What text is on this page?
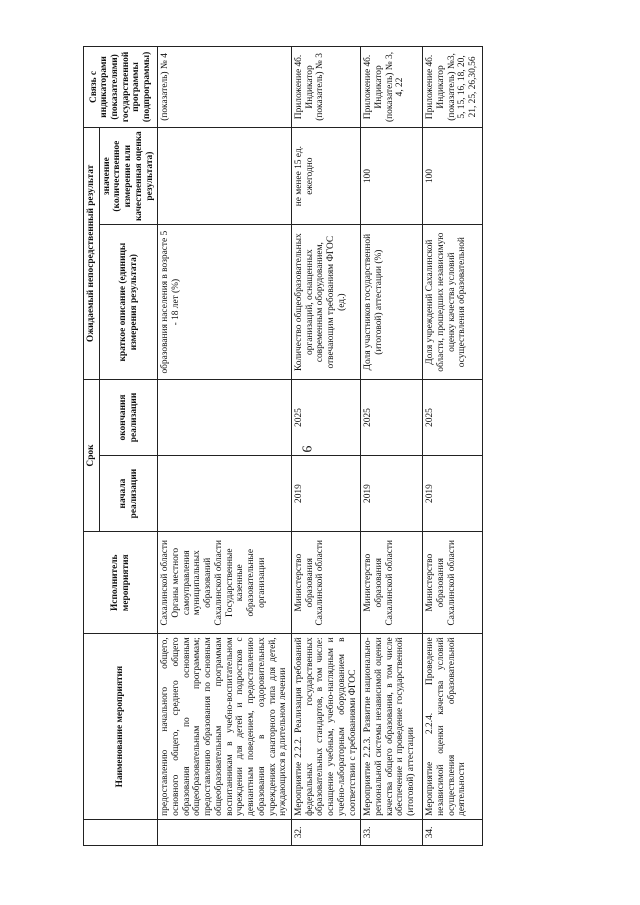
9
	Наименование мероприятия	Исполнитель мероприятия	Срок		Ожидаемый непосредственный результат		Связь с индикаторами (показателями) государственной программы (подпрограммы)
			начала реализации	окончания реализации	краткое описание (единицы измерения результата)	значение (количественное измерение или качественная оценка результата)	

	предоставлению начального общего, основного общего, среднего общего образования по основным общеобразовательным программам; предоставлению образования по основным общеобразовательным программам воспитанникам в учебно-воспитательном учреждении для детей и подростков с девиантным поведением, предоставлению образования в оздоровительных учреждениях санаторного типа для детей, нуждающихся в длительном лечении	Сахалинской области Органы местного самоуправления муниципальных образований Сахалинской области Государственные казенные образовательные организации			образования населения в возрасте 5 - 18 лет (%)		(показатель) № 4
32.	Мероприятие 2.2.2. Реализация требований федеральных государственных образовательных стандартов, в том числе: оснащение учебным, учебно-наглядным и учебно-лабораторным оборудованием в соответствии с требованиями ФГОС	Министерство образования Сахалинской области	2019	2025	Количество общеобразовательных организаций, оснащенных современным оборудованием, отвечающим требованиям ФГОС (ед.)	не менее 15 ед. ежегодно	Приложение 4б. Индикатор (показатель) № 3
33.	Мероприятие 2.2.3. Развитие национально-региональной системы независимой оценки качества общего образования, в том числе обеспечение и проведение государственной (итоговой) аттестации	Министерство образования Сахалинской области	2019	2025	Доля участников государственной (итоговой) аттестации (%)	100	Приложение 4б. Индикатор (показатель) № 3, 4, 22
34.	Мероприятие 2.2.4. Проведение независимой оценки качества условий осуществления образовательной деятельности	Министерство образования Сахалинской области	2019	2025	Доля учреждений Сахалинской области, прошедших независимую оценку качества условий осуществления образовательной	100	Приложение 4б. Индикатор (показатель) №3, 5, 15, 16, 18, 20, 21, 25, 26,30,56
